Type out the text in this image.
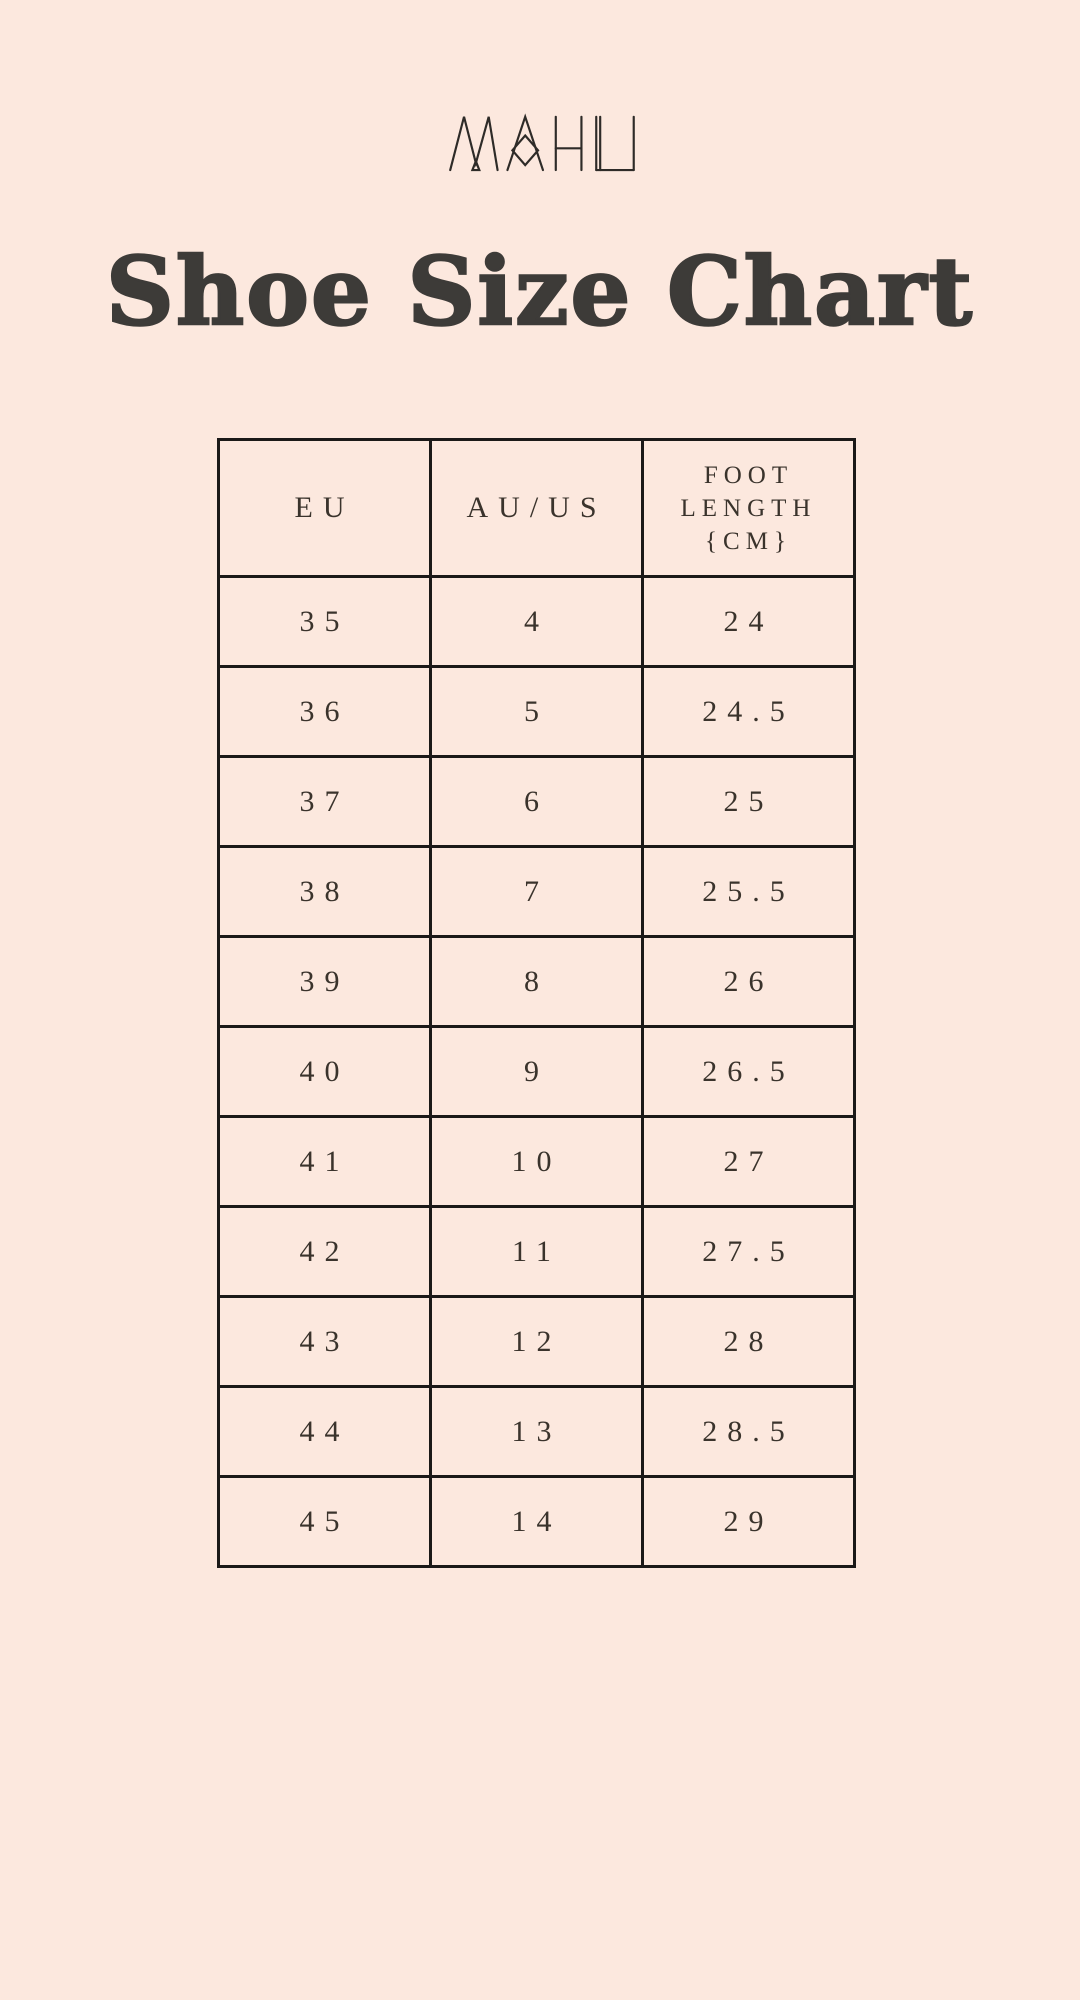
Shoe Size Chart
EU	AU/US	FOOT
LENGTH
{CM}

35	4	24
36	5	24.5
37	6	25
38	7	25.5
39	8	26
40	9	26.5
41	10	27
42	11	27.5
43	12	28
44	13	28.5
45	14	29
